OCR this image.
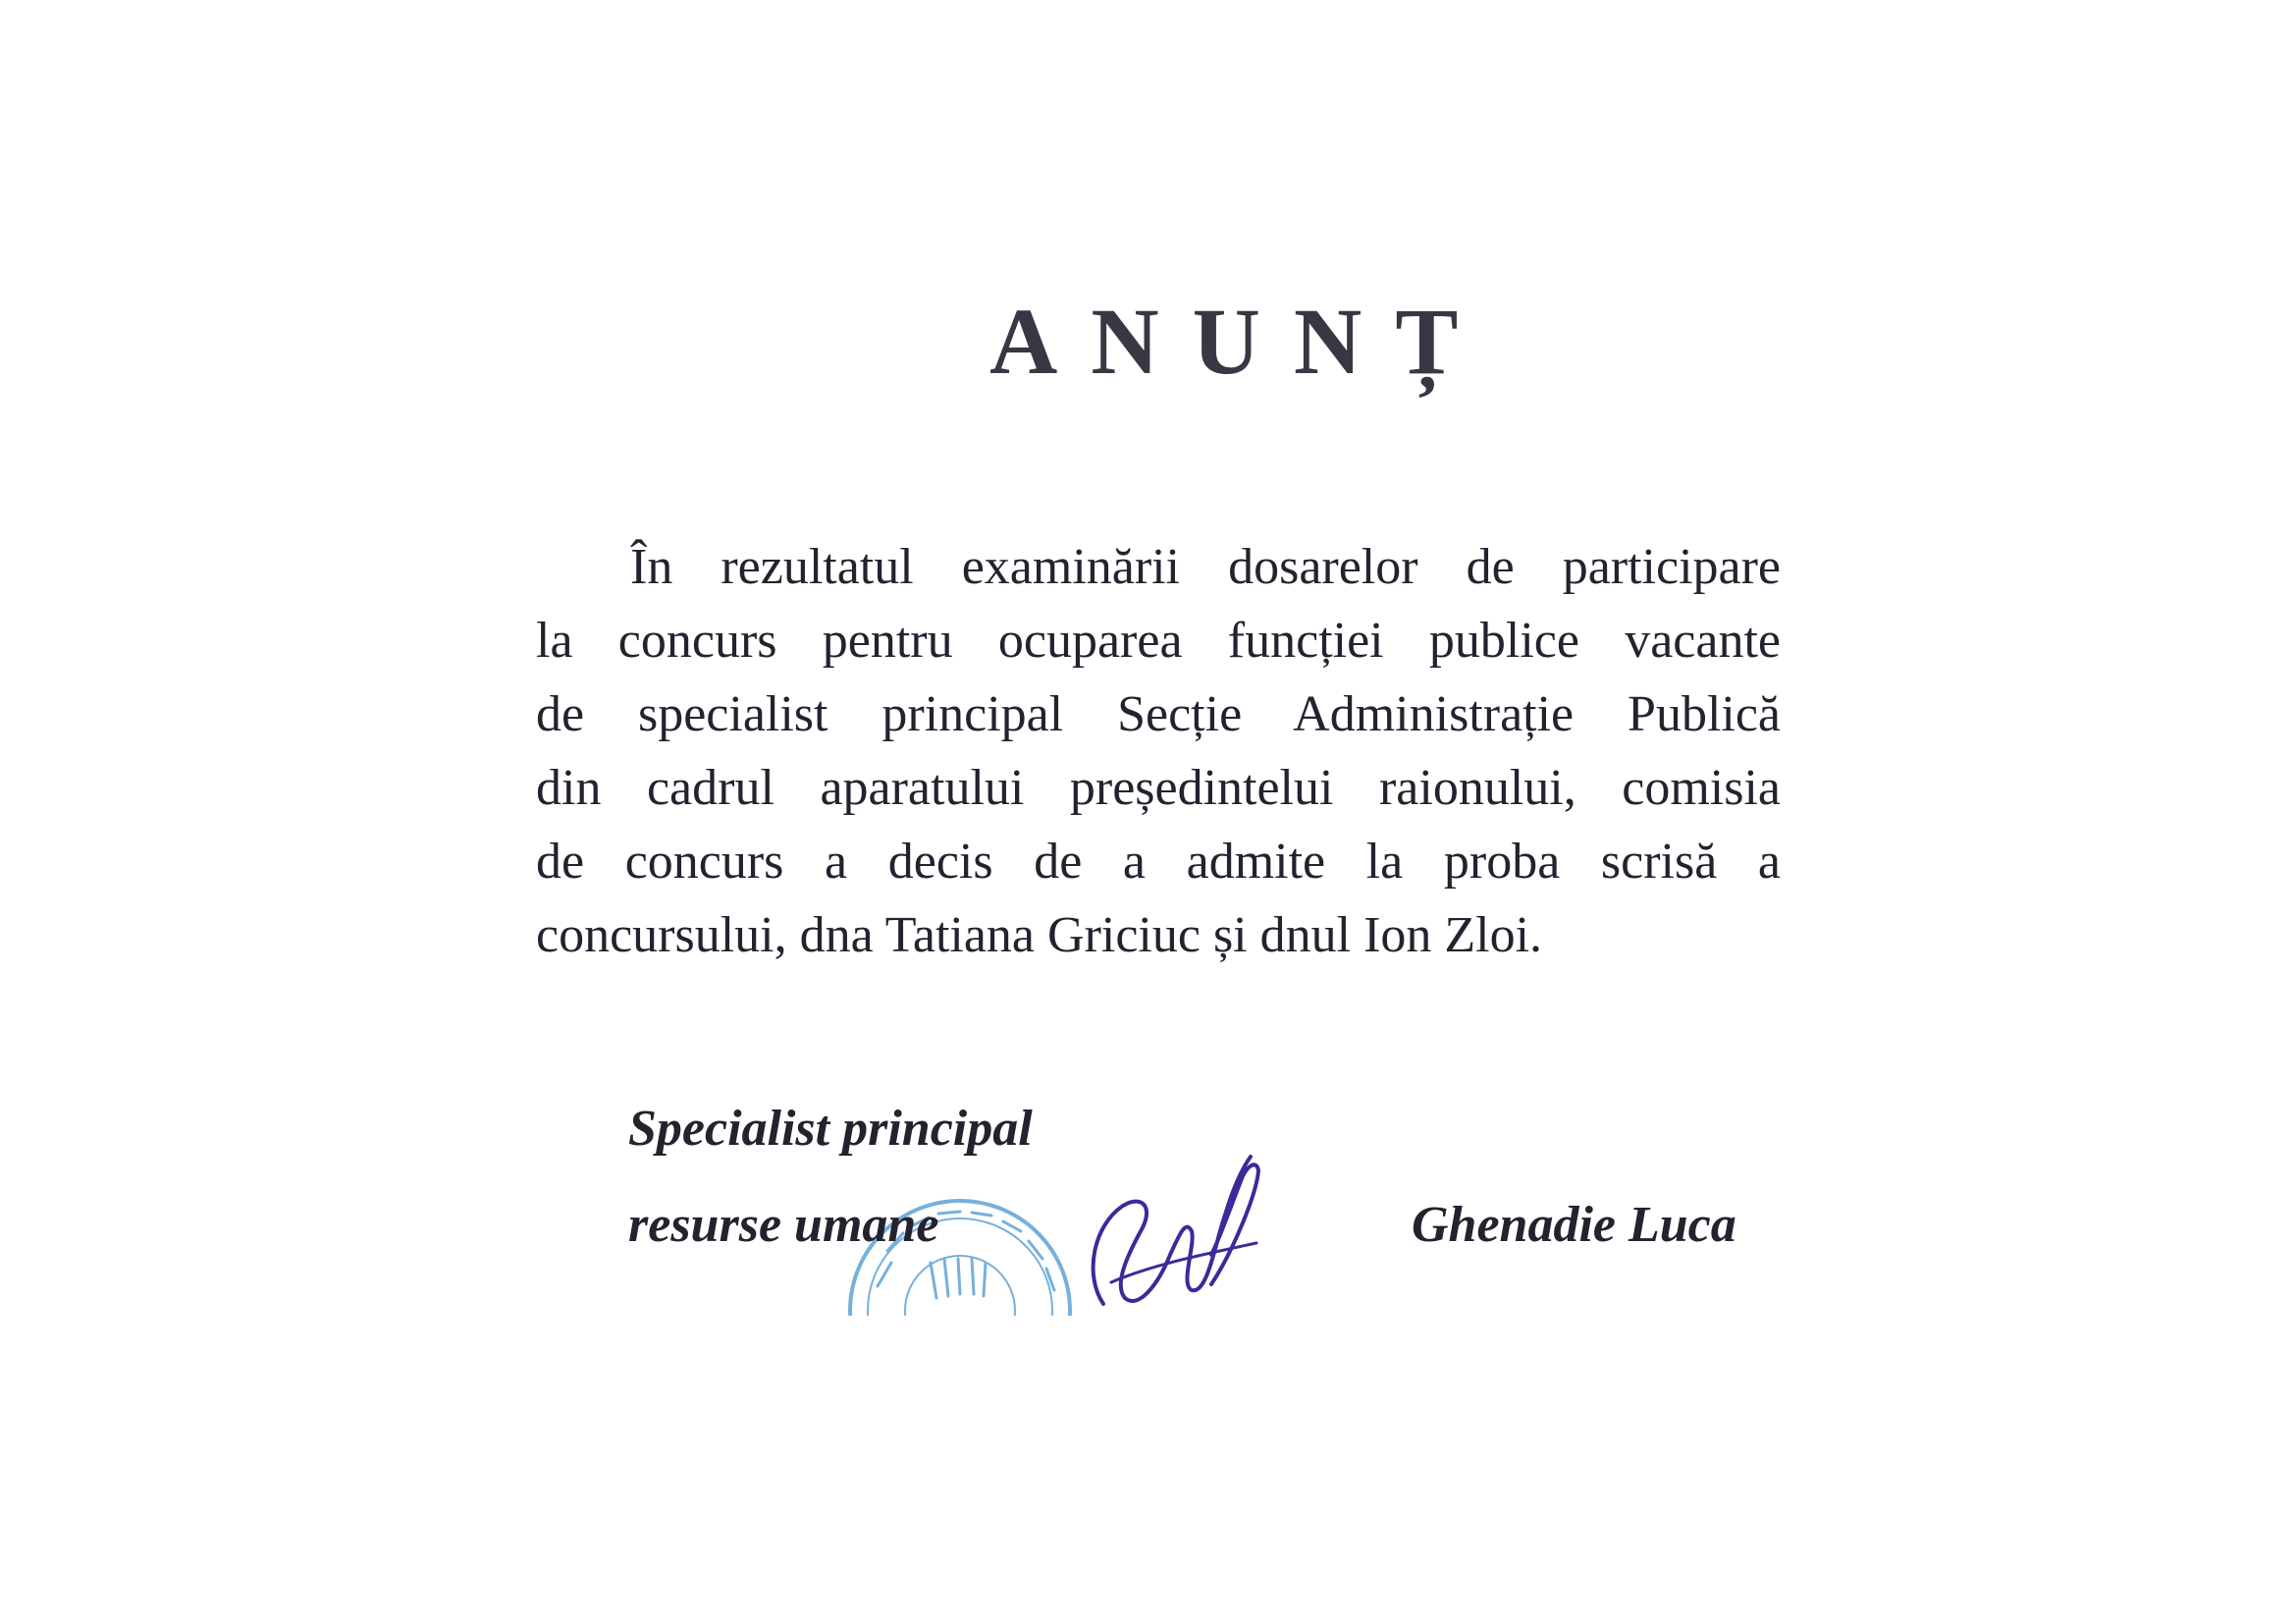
ANUNȚ
În rezultatul examinării dosarelor de participare
la concurs pentru ocuparea funcției publice vacante
de specialist principal Secție Administrație Publică
din cadrul aparatului președintelui raionului, comisia
de concurs a decis de a admite la proba scrisă a
concursului, dna Tatiana Griciuc și dnul Ion Zloi.

Specialist principal

resurse umane	Ghenadie Luca
